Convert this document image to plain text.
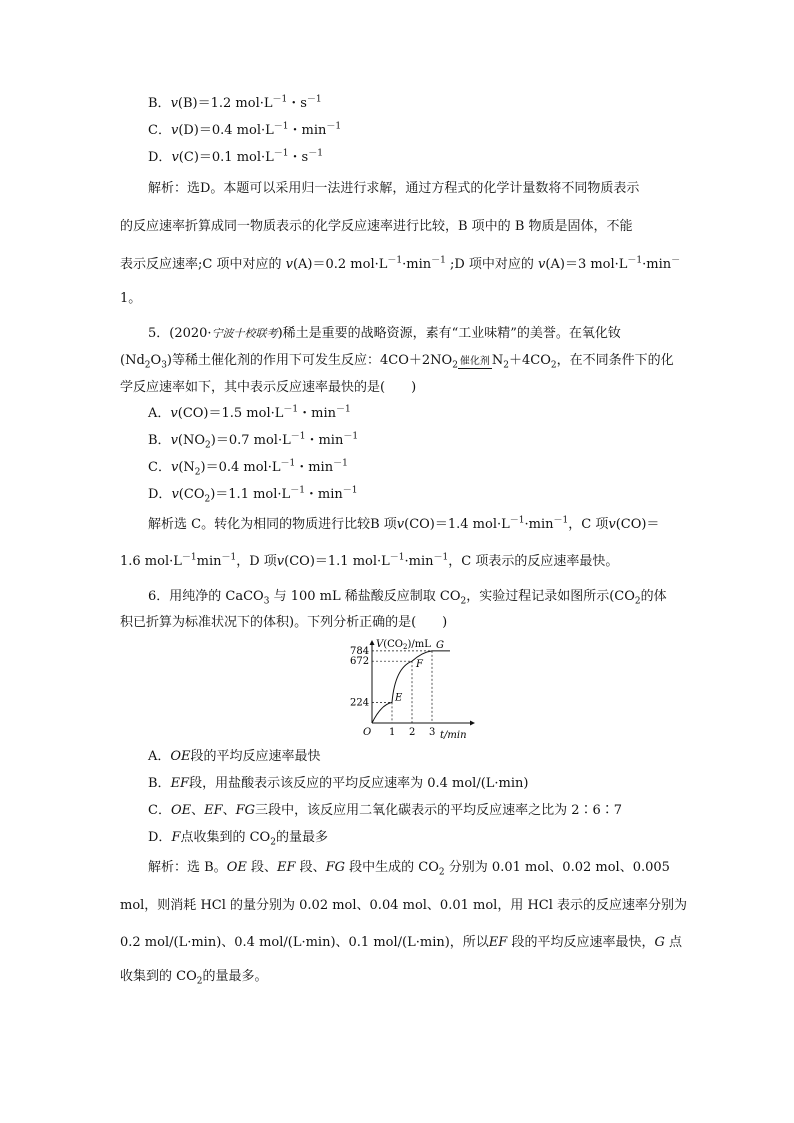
B．v(B)＝1.2 $mol\cdot L^{-1}$・$s^{-1}$
C．v(D)＝0.4 $mol\cdot L^{-1}$・$\min^{-1}$
D．v(C)＝0.1 $mol\cdot L^{-1}$・$s^{-1}$
解析：选D。本题可以采用归一法进行求解，通过方程式的化学计量数将不同物质表示
的反应速率折算成同一物质表示的化学反应速率进行比较，B 项中的 B 物质是固体，不能
表示反应速率;C 项中对应的 v(A)＝0.2 $mol\cdot L^{-1}\cdot\min^{-1}$ ;D 项中对应的 v(A)＝3 $mol\cdot L^{-1}\cdot\min^-$
1。
5．(2020·宁波十校联考)稀土是重要的战略资源，素有“工业味精”的美誉。在氧化钕
$(Nd_2O_3)$等稀土催化剂的作用下可发生反应：$4CO+2NO_2$ 催化剂 $N_2+4CO_2$，在不同条件下的化
学反应速率如下，其中表示反应速率最快的是(　　)
A．v(CO)＝1.5 $mol\cdot L^{-1}$・$\min^{-1}$
B．$v(NO_2)=0.7$ $mol\cdot L^{-1}$・$\min^{-1}$
C．$v(N_2)=0.4$ $mol\cdot L^{-1}$・$\min^{-1}$
D．$v(CO_2)=1.1$ $mol\cdot L^{-1}$・$\min^{-1}$
解析选 C。转化为相同的物质进行比较B 项v(CO)＝1.4 $mol\cdot L^{-1}\cdot\min^{-1}$，C 项v(CO)＝
1.6 $mol\cdot L^{-1}\min^{-1}$，D 项v(CO)＝1.1 $mol\cdot L^{-1}\cdot\min^{-1}$，C 项表示的反应速率最快。
6．用纯净的 CaCO$_3$ 与 100 mL 稀盐酸反应制取 $CO_2$，实验过程记录如图所示($CO_2$的体
积已折算为标准状况下的体积)。下列分析正确的是(　　)
1 2 3
224
672
784
O
E
F
G
$V(CO_2)/mL$
t/min
A．OE段的平均反应速率最快
B．EF段，用盐酸表示该反应的平均反应速率为 0.4 mol/(L·min)
C．OE、EF、FG三段中，该反应用二氧化碳表示的平均反应速率之比为 2∶6∶7
D．F点收集到的 $CO_2$的量最多
解析：选 B。OE 段、EF 段、FG 段中生成的 $CO_2$ 分别为 0.01 mol、0.02 mol、0.005
mol，则消耗 HCl 的量分别为 0.02 mol、0.04 mol、0.01 mol，用 HCl 表示的反应速率分别为
0.2 mol/(L·min)、0.4 mol/(L·min)、0.1 mol/(L·min)，所以EF 段的平均反应速率最快，G 点
收集到的 $CO_2$的量最多。
